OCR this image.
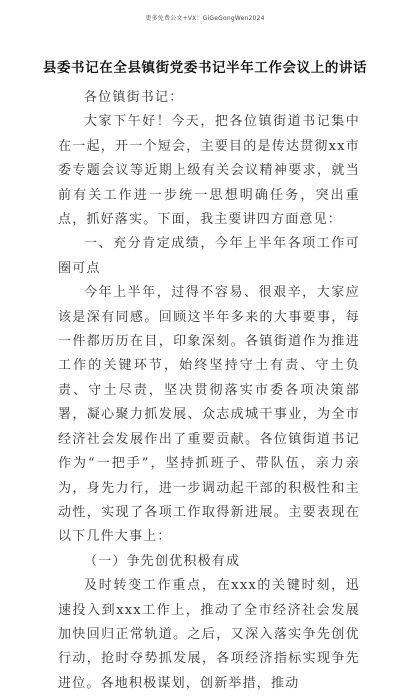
更多免费公文+VX：GiGeGongWen2024
县委书记在全县镇街党委书记半年工作会议上的讲话

各位镇街书记：

大家下午好！今天，把各位镇街道书记集中在一起，开一个短会，主要目的是传达贯彻xx市委专题会议等近期上级有关会议精神要求，就当前有关工作进一步统一思想明确任务，突出重点，抓好落实。下面，我主要讲四方面意见：

一、充分肯定成绩，今年上半年各项工作可圈可点

今年上半年，过得不容易、很艰辛，大家应该是深有同感。回顾这半年多来的大事要事，每一件都历历在目，印象深刻。各镇街道作为推进工作的关键环节，始终坚持守土有责、守土负责、守土尽责，坚决贯彻落实市委各项决策部署，凝心聚力抓发展、众志成城干事业，为全市经济社会发展作出了重要贡献。各位镇街道书记作为“一把手”，坚持抓班子、带队伍，亲力亲为，身先力行，进一步调动起干部的积极性和主动性，实现了各项工作取得新进展。主要表现在以下几件大事上：

（一）争先创优积极有成

及时转变工作重点，在xxx的关键时刻，迅速投入到xxx工作上，推动了全市经济社会发展加快回归正常轨道。之后，又深入落实争先创优行动，抢时夺势抓发展，各项经济指标实现争先进位。各地积极谋划，创新举措，推动
